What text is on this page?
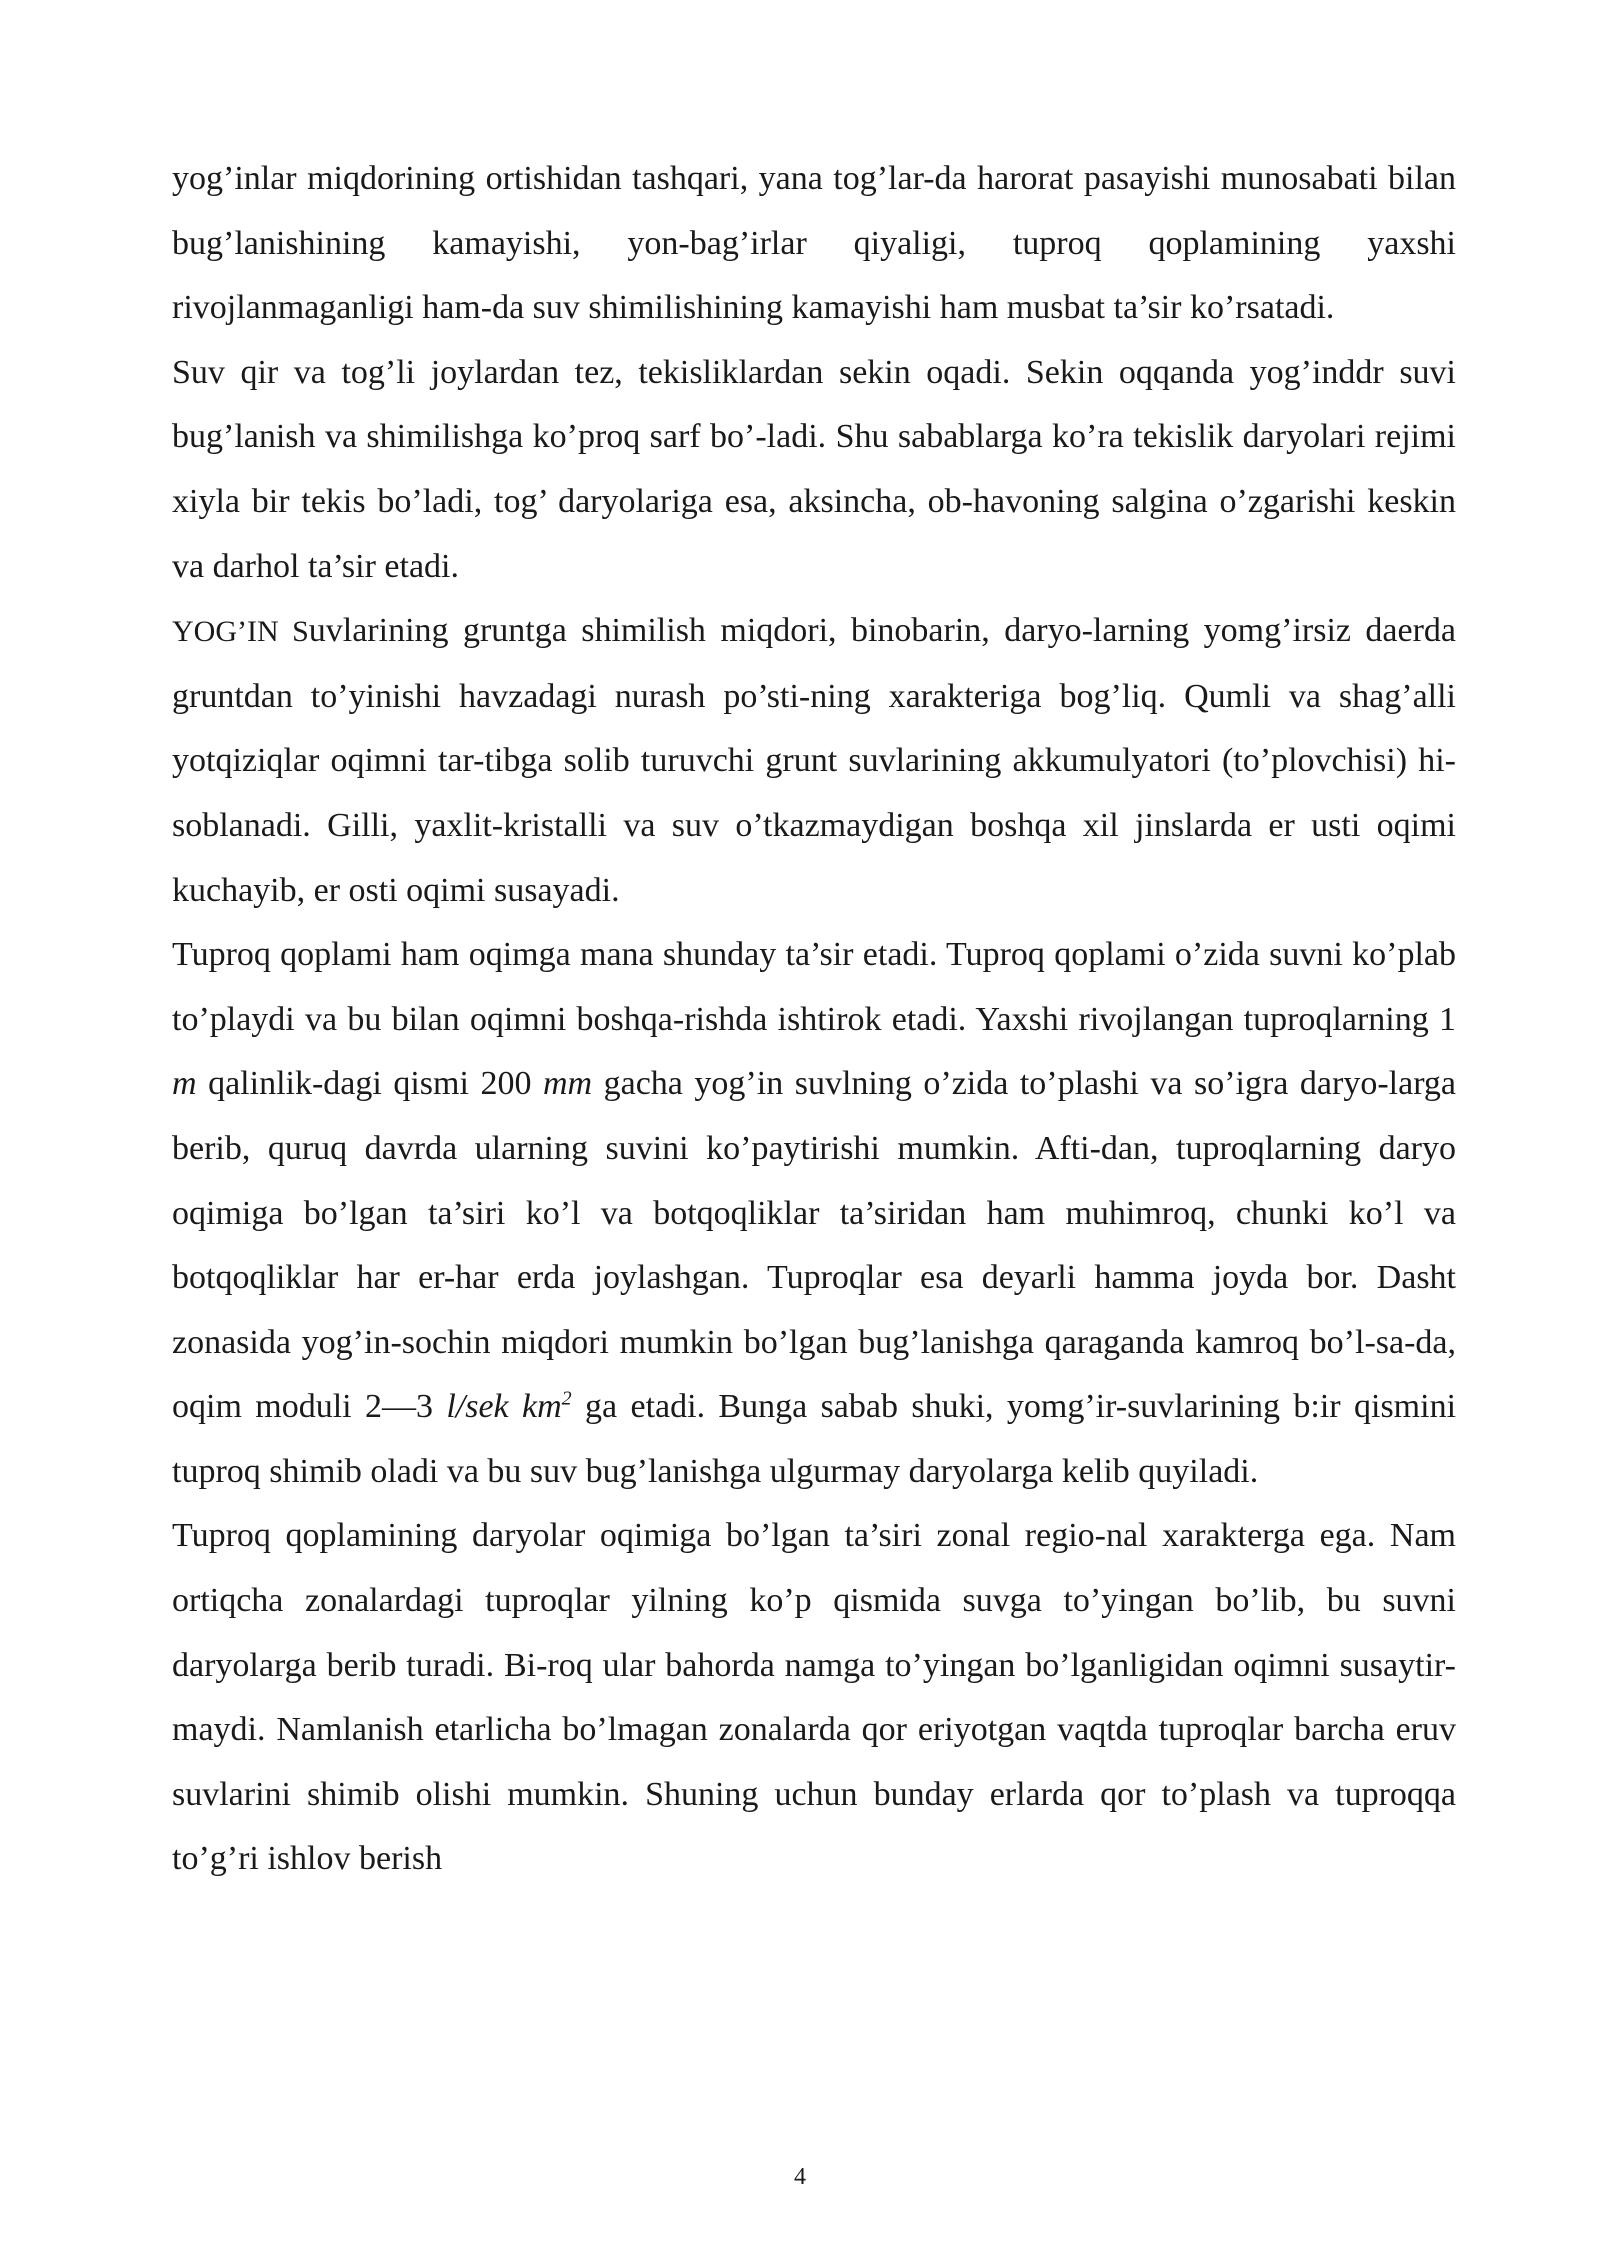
yog’inlar miqdorining ortishidan tashqari, yana tog’lar-da harorat pasayishi munosabati bilan bug’lanishining kamayishi, yon-bag’irlar qiyaligi, tuproq qoplamining yaxshi rivojlanmaganligi ham-da suv shimilishining kamayishi ham musbat ta’sir ko’rsatadi.

Suv qir va tog’li joylardan tez, tekisliklardan sekin oqadi. Sekin oqqanda yog’inddr suvi bug’lanish va shimilishga ko’proq sarf bo’-ladi. Shu sabablarga ko’ra tekislik daryolari rejimi xiyla bir tekis bo’ladi, tog’ daryolariga esa, aksincha, ob-havoning salgina o’zgarishi keskin va darhol ta’sir etadi.

YOG’IN Suvlarining gruntga shimilish miqdori, binobarin, daryo-larning yomg’irsiz daerda gruntdan to’yinishi havzadagi nurash po’sti-ning xarakteriga bog’liq. Qumli va shag’alli yotqiziqlar oqimni tar-tibga solib turuvchi grunt suvlarining akkumulyatori (to’plovchisi) hi-soblanadi. Gilli, yaxlit-kristalli va suv o’tkazmaydigan boshqa xil jinslarda er usti oqimi kuchayib, er osti oqimi susayadi.

Tuproq qoplami ham oqimga mana shunday ta’sir etadi. Tuproq qoplami o’zida suvni ko’plab to’playdi va bu bilan oqimni boshqa-rishda ishtirok etadi. Yaxshi rivojlangan tuproqlarning 1 m qalinlik-dagi qismi 200 mm gacha yog’in suvlning o’zida to’plashi va so’igra daryo-larga berib, quruq davrda ularning suvini ko’paytirishi mumkin. Afti-dan, tuproqlarning daryo oqimiga bo’lgan ta’siri ko’l va botqoqliklar ta’siridan ham muhimroq, chunki ko’l va botqoqliklar har er-har erda joylashgan. Tuproqlar esa deyarli hamma joyda bor. Dasht zonasida yog’in-sochin miqdori mumkin bo’lgan bug’lanishga qaraganda kamroq bo’l-sa-da, oqim moduli 2—3 l/sek $km^2$ ga etadi. Bunga sabab shuki, yomg’ir-suvlarining b:ir qismini tuproq shimib oladi va bu suv bug’lanishga ulgurmay daryolarga kelib quyiladi.

Tuproq qoplamining daryolar oqimiga bo’lgan ta’siri zonal regio-nal xarakterga ega. Nam ortiqcha zonalardagi tuproqlar yilning ko’p qismida suvga to’yingan bo’lib, bu suvni daryolarga berib turadi. Bi-roq ular bahorda namga to’yingan bo’lganligidan oqimni susaytir-maydi. Namlanish etarlicha bo’lmagan zonalarda qor eriyotgan vaqtda tuproqlar barcha eruv suvlarini shimib olishi mumkin. Shuning uchun bunday erlarda qor to’plash va tuproqqa to’g’ri ishlov berish

4
